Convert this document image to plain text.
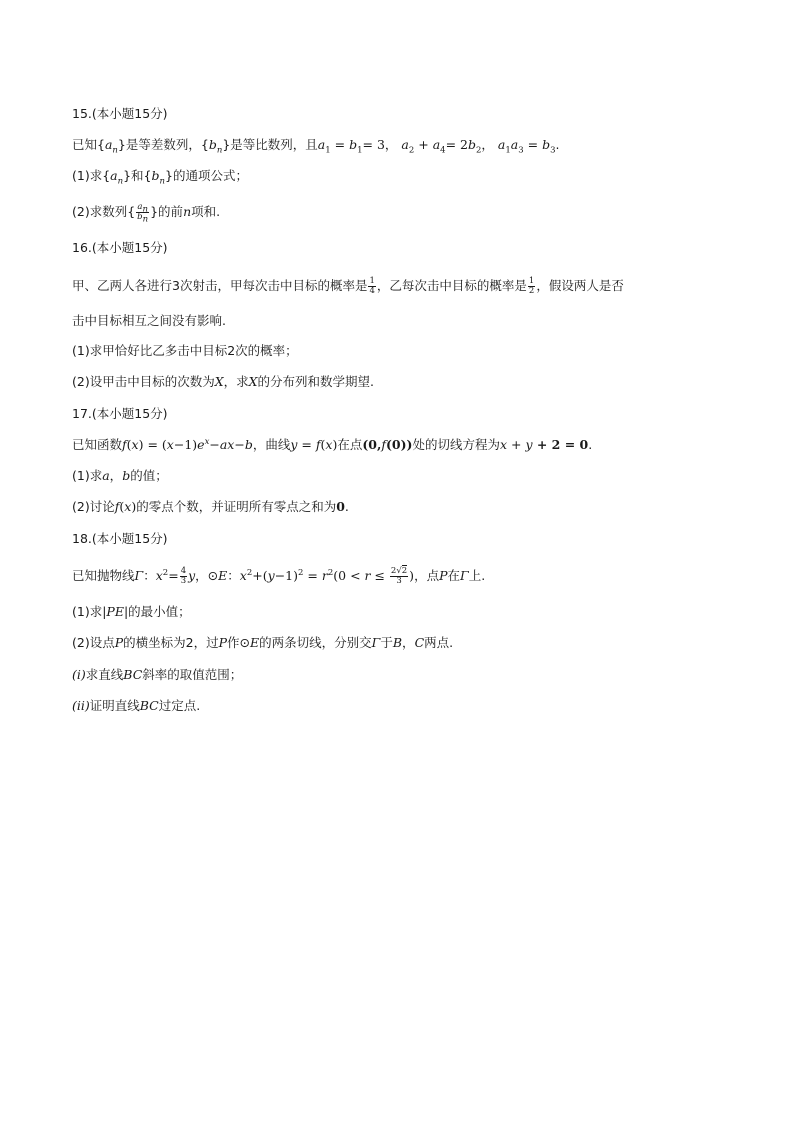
15.(本小题15分)
已知$\{a_n\}$是等差数列，$\{b_n\}$是等比数列，且$a_1 = b_1= 3$， $a_2 + a_4= 2b_2$， $a_1a_3 = b_3$.
(1)求$\{a_n\}$和$\{b_n\}$的通项公式；
(2)求数列{ $\frac{a_n}{b_n}$ }的前n项和.
16.(本小题15分)
甲、乙两人各进行3次射击，甲每次击中目标的概率是 $\frac{1}{4}$ ，乙每次击中目标的概率是 $\frac{1}{2}$ ，假设两人是否
(1)求甲恰好比乙多击中目标2次的概率；
(2)设甲击中目标的次数为X，求X的分布列和数学期望.
17.(本小题15分)
已知函数$f(x) = (x-1)e^x-ax-b$，曲线y = f(x)在点(0,f(0))处的切线方程为x + y + 2 = 0.
(1)求a，b的值；
(2)讨论f(x)的零点个数，并证明所有零点之和为0.
18.(本小题15分)
已知抛物线Γ：$x^2= \frac{4}{3}$ y，⊙E：$x^2+(y-1)^2 = r^2(0 < r \le \frac{2√2}{3}$ )，点P在Γ上.
(1)求|PE|的最小值；
(2)设点P的横坐标为2，过P作⊙E的两条切线，分别交Γ于B，C两点.
(i)求直线BC斜率的取值范围；
(ii)证明直线BC过定点.
击中目标相互之间没有影响.
